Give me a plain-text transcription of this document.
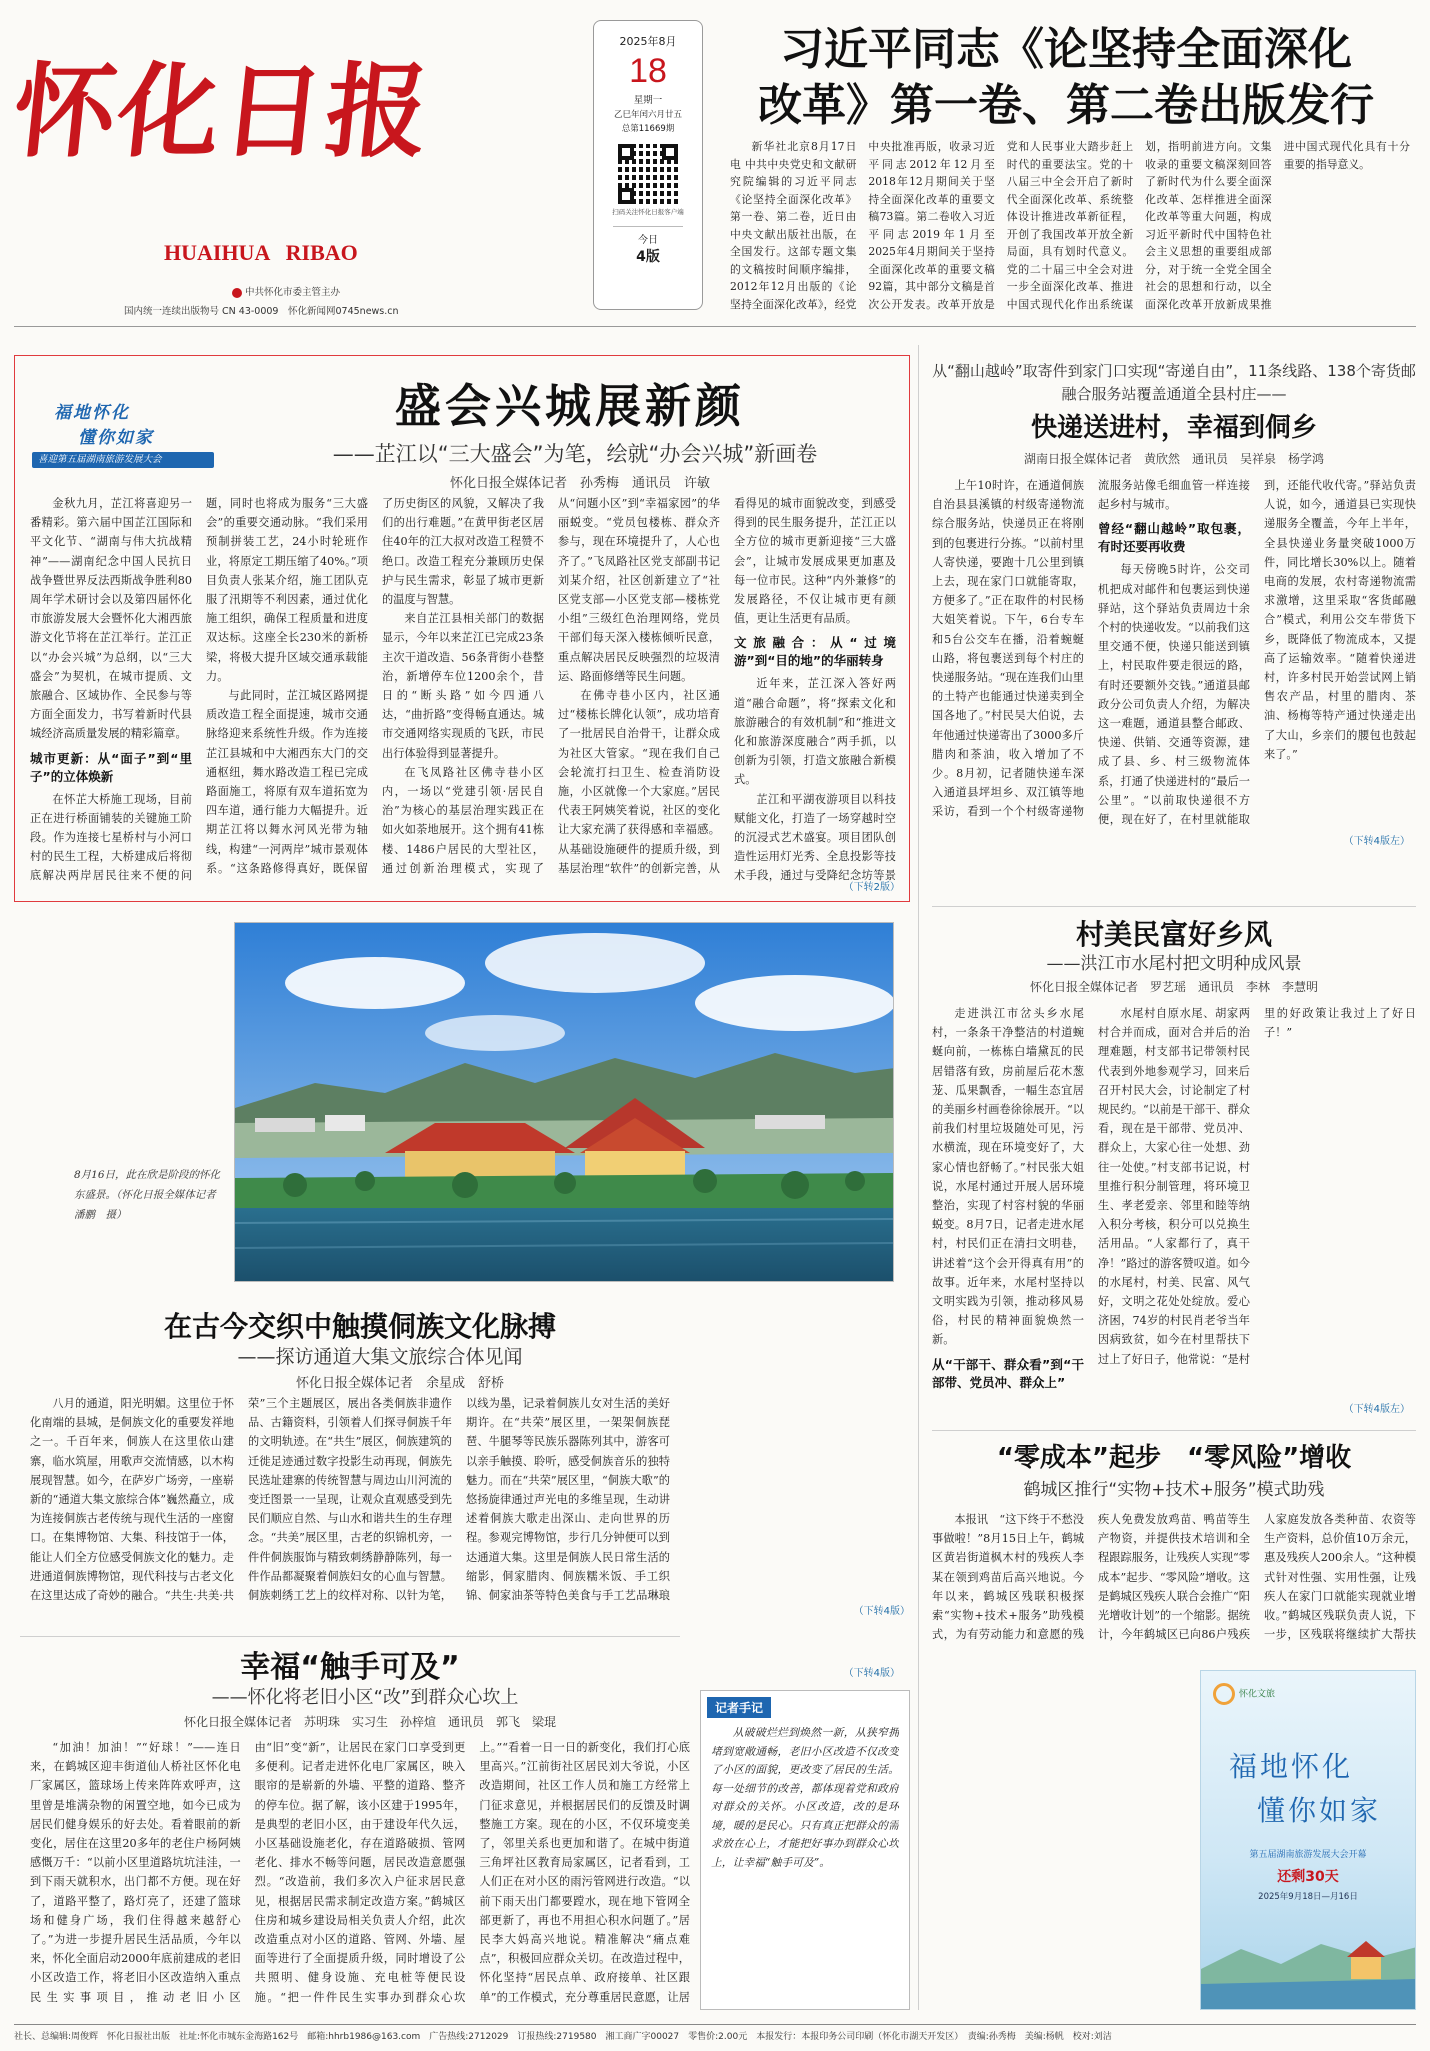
怀化日报
HUAIHUA   RIBAO
中共怀化市委主管主办
国内统一连续出版物号 CN 43-0009　 怀化新闻网0745news.cn
2025年8月
18
星期一
乙巳年闰六月廿五
总第11669期
扫码关注怀化日报客户端
今日
4版
习近平同志《论坚持全面深化
改革》第一卷、第二卷出版发行
新华社北京8月17日电 中共中央党史和文献研究院编辑的习近平同志《论坚持全面深化改革》第一卷、第二卷，近日由中央文献出版社出版，在全国发行。这部专题文集的文稿按时间顺序编排，2012年12月出版的《论坚持全面深化改革》，经党中央批准再版，收录习近平同志2012年12月至2018年12月期间关于坚持全面深化改革的重要文稿73篇。第二卷收入习近平同志2019年1月至2025年4月期间关于坚持全面深化改革的重要文稿92篇，其中部分文稿是首次公开发表。改革开放是党和人民事业大踏步赶上时代的重要法宝。党的十八届三中全会开启了新时代全面深化改革、系统整体设计推进改革新征程，开创了我国改革开放全新局面，具有划时代意义。党的二十届三中全会对进一步全面深化改革、推进中国式现代化作出系统谋划，指明前进方向。文集收录的重要文稿深刻回答了新时代为什么要全面深化改革、怎样推进全面深化改革等重大问题，构成习近平新时代中国特色社会主义思想的重要组成部分，对于统一全党全国全社会的思想和行动，以全面深化改革开放新成果推进中国式现代化具有十分重要的指导意义。
福地怀化
懂你如家
喜迎第五届湖南旅游发展大会
盛会兴城展新颜
——芷江以“三大盛会”为笔，绘就“办会兴城”新画卷
怀化日报全媒体记者　孙秀梅　通讯员　许敏

金秋九月，芷江将喜迎另一番精彩。第六届中国芷江国际和平文化节、“湖南与伟大抗战精神”——湖南纪念中国人民抗日战争暨世界反法西斯战争胜利80周年学术研讨会以及第四届怀化市旅游发展大会暨怀化大湘西旅游文化节将在芷江举行。芷江正以“办会兴城”为总纲，以“三大盛会”为契机，在城市提质、文旅融合、区域协作、全民参与等方面全面发力，书写着新时代县城经济高质量发展的精彩篇章。

城市更新：从“面子”到“里子”的立体焕新

在怀芷大桥施工现场，目前正在进行桥面铺装的关键施工阶段。作为连接七星桥村与小河口村的民生工程，大桥建成后将彻底解决两岸居民往来不便的问题，同时也将成为服务“三大盛会”的重要交通动脉。“我们采用预制拼装工艺，24小时轮班作业，将原定工期压缩了40%。”项目负责人张某介绍，施工团队克服了汛期等不利因素，通过优化施工组织，确保工程质量和进度双达标。这座全长230米的新桥梁，将极大提升区域交通承载能力。

与此同时，芷江城区路网提质改造工程全面提速，城市交通脉络迎来系统性升级。作为连接芷江县城和中大湘西东大门的交通枢纽，舞水路改造工程已完成路面施工，将原有双车道拓宽为四车道，通行能力大幅提升。近期芷江将以舞水河风光带为轴线，构建“一河两岸”城市景观体系。“这条路修得真好，既保留了历史街区的风貌，又解决了我们的出行难题。”在黄甲街老区居住40年的江大叔对改造工程赞不绝口。改造工程充分兼顾历史保护与民生需求，彰显了城市更新的温度与智慧。

来自芷江县相关部门的数据显示，今年以来芷江已完成23条主次干道改造、56条背街小巷整治，新增停车位1200余个，昔日的“断头路”如今四通八达，“曲折路”变得畅直通达。城市交通网络实现质的飞跃，市民出行体验得到显著提升。

在飞凤路社区佛寺巷小区内，一场以“党建引领·居民自治”为核心的基层治理实践正在如火如荼地展开。这个拥有41栋楼、1486户居民的大型社区，通过创新治理模式，实现了从“问题小区”到“幸福家园”的华丽蜕变。“党员包楼栋、群众齐参与，现在环境提升了，人心也齐了。”飞凤路社区党支部副书记刘某介绍，社区创新建立了“社区党支部—小区党支部—楼栋党小组”三级红色治理网络，党员干部们每天深入楼栋倾听民意，重点解决居民反映强烈的垃圾清运、路面修缮等民生问题。

在佛寺巷小区内，社区通过“楼栋长牌化认领”，成功培育了一批居民自治骨干，让群众成为社区大管家。“现在我们自己会轮流打扫卫生、检查消防设施，小区就像一个大家庭。”居民代表王阿姨笑着说，社区的变化让大家充满了获得感和幸福感。从基础设施硬件的提质升级，到基层治理“软件”的创新完善，从看得见的城市面貌改变，到感受得到的民生服务提升，芷江正以全方位的城市更新迎接“三大盛会”，让城市发展成果更加惠及每一位市民。这种“内外兼修”的发展路径，不仅让城市更有颜值，更让生活更有品质。

文旅融合：从“过境游”到“目的地”的华丽转身

近年来，芷江深入答好两道“融合命题”，将“探索文化和旅游融合的有效机制”和“推进文化和旅游深度融合”两手抓，以创新为引领，打造文旅融合新模式。

芷江和平湖夜游项目以科技赋能文化，打造了一场穿越时空的沉浸式艺术盛宴。项目团队创造性运用灯光秀、全息投影等技术手段，通过与受降纪念坊等景

（下转2版）
8月16日，此在欣是阶段的怀化东盛景。（怀化日报全媒体记者　潘鹏　摄）
在古今交织中触摸侗族文化脉搏
——探访通道大集文旅综合体见闻
怀化日报全媒体记者　余星成　舒桥
八月的通道，阳光明媚。这里位于怀化南端的县城，是侗族文化的重要发祥地之一。千百年来，侗族人在这里依山建寨，临水筑屋，用歌声交流情感，以木构展现智慧。如今，在萨岁广场旁，一座崭新的“通道大集文旅综合体”巍然矗立，成为连接侗族古老传统与现代生活的一座窗口。在集博物馆、大集、科技馆于一体，能让人们全方位感受侗族文化的魅力。走进通道侗族博物馆，现代科技与古老文化在这里达成了奇妙的融合。“共生·共美·共荣”三个主题展区，展出各类侗族非遗作品、古籍资料，引领着人们探寻侗族千年的文明轨迹。在“共生”展区，侗族建筑的迁徙足迹通过数字投影生动再现，侗族先民选址建寨的传统智慧与周边山川河流的变迁图景一一呈现，让观众直观感受到先民们顺应自然、与山水和谐共生的生存理念。“共美”展区里，古老的织锦机旁，一件件侗族服饰与精致刺绣静静陈列，每一件作品都凝聚着侗族妇女的心血与智慧。侗族刺绣工艺上的纹样对称、以针为笔，以线为墨，记录着侗族儿女对生活的美好期许。在“共荣”展区里，一架架侗族琵琶、牛腿琴等民族乐器陈列其中，游客可以亲手触摸、聆听，感受侗族音乐的独特魅力。而在“共荣”展区里，“侗族大歌”的悠扬旋律通过声光电的多维呈现，生动讲述着侗族大歌走出深山、走向世界的历程。参观完博物馆，步行几分钟便可以到达通道大集。这里是侗族人民日常生活的缩影，侗家腊肉、侗族糯米饭、手工织锦、侗家油茶等特色美食与手工艺品琳琅
（下转4版）
幸福“触手可及”
——怀化将老旧小区“改”到群众心坎上
怀化日报全媒体记者　苏明珠　实习生　孙梓煊　通讯员　郭飞　梁琨
“加油！加油！”“好球！”——连日来，在鹤城区迎丰街道仙人桥社区怀化电厂家属区，篮球场上传来阵阵欢呼声，这里曾是堆满杂物的闲置空地，如今已成为居民们健身娱乐的好去处。看着眼前的新变化，居住在这里20多年的老住户杨阿姨感慨万千：“以前小区里道路坑坑洼洼，一到下雨天就积水，出门都不方便。现在好了，道路平整了，路灯亮了，还建了篮球场和健身广场，我们住得越来越舒心了。”为进一步提升居民生活品质，今年以来，怀化全面启动2000年底前建成的老旧小区改造工作，将老旧小区改造纳入重点民生实事项目，推动老旧小区由“旧”变“新”，让居民在家门口享受到更多便利。记者走进怀化电厂家属区，映入眼帘的是崭新的外墙、平整的道路、整齐的停车位。据了解，该小区建于1995年，是典型的老旧小区，由于建设年代久远，小区基础设施老化，存在道路破损、管网老化、排水不畅等问题，居民改造意愿强烈。“改造前，我们多次入户征求居民意见，根据居民需求制定改造方案。”鹤城区住房和城乡建设局相关负责人介绍，此次改造重点对小区的道路、管网、外墙、屋面等进行了全面提质升级，同时增设了公共照明、健身设施、充电桩等便民设施。“把一件件民生实事办到群众心坎上。”“看着一日一日的新变化，我们打心底里高兴。”江前街社区居民刘大爷说，小区改造期间，社区工作人员和施工方经常上门征求意见，并根据居民们的反馈及时调整施工方案。现在的小区，不仅环境变美了，邻里关系也更加和谐了。在城中街道三角坪社区教育局家属区，记者看到，工人们正在对小区的雨污管网进行改造。“以前下雨天出门都要蹚水，现在地下管网全部更新了，再也不用担心积水问题了。”居民李大妈高兴地说。精准解决“痛点难点”，积极回应群众关切。在改造过程中，怀化坚持“居民点单、政府接单、社区跟单”的工作模式，充分尊重居民意愿，让居
（下转4版）
记者手记
从破破烂烂到焕然一新，从狭窄拥堵到宽敞通畅，老旧小区改造不仅改变了小区的面貌，更改变了居民的生活。每一处细节的改善，都体现着党和政府对群众的关怀。小区改造，改的是环境，暖的是民心。只有真正把群众的需求放在心上，才能把好事办到群众心坎上，让幸福“触手可及”。
从“翻山越岭”取寄件到家门口实现“寄递自由”，11条线路、138个寄货邮融合服务站覆盖通道全县村庄——
快递送进村，幸福到侗乡
湖南日报全媒体记者　黄欣然　通讯员　吴祥泉　杨学鸿

上午10时许，在通道侗族自治县县溪镇的村级寄递物流综合服务站，快递员正在将刚到的包裹进行分拣。“以前村里人寄快递，要跑十几公里到镇上去，现在家门口就能寄取，方便多了。”正在取件的村民杨大姐笑着说。下午，6台专车和5台公交车在播，沿着蜿蜒山路，将包裹送到每个村庄的快递服务站。“现在连我们山里的土特产也能通过快递卖到全国各地了。”村民吴大伯说，去年他通过快递寄出了3000多斤腊肉和茶油，收入增加了不少。8月初，记者随快递车深入通道县坪坦乡、双江镇等地采访，看到一个个村级寄递物流服务站像毛细血管一样连接起乡村与城市。

曾经“翻山越岭”取包裹，有时还要再收费

每天傍晚5时许，公交司机把成对邮件和包裹运到快递驿站，这个驿站负责周边十余个村的快递收发。“以前我们这里交通不便，快递只能送到镇上，村民取件要走很远的路，有时还要额外交钱。”通道县邮政分公司负责人介绍，为解决这一难题，通道县整合邮政、快递、供销、交通等资源，建成了县、乡、村三级物流体系，打通了快递进村的“最后一公里”。“以前取快递很不方便，现在好了，在村里就能取到，还能代收代寄。”驿站负责人说，如今，通道县已实现快递服务全覆盖，今年上半年，全县快递业务量突破1000万件，同比增长30%以上。随着电商的发展，农村寄递物流需求激增，这里采取“客货邮融合”模式，利用公交车带货下乡，既降低了物流成本，又提高了运输效率。“随着快递进村，许多村民开始尝试网上销售农产品，村里的腊肉、茶油、杨梅等特产通过快递走出了大山，乡亲们的腰包也鼓起来了。”

（下转4版左）
村美民富好乡风
——洪江市水尾村把文明种成风景
怀化日报全媒体记者　罗艺瑶　通讯员　李林　李慧明

走进洪江市岔头乡水尾村，一条条干净整洁的村道蜿蜒向前，一栋栋白墙黛瓦的民居错落有致，房前屋后花木葱茏、瓜果飘香，一幅生态宜居的美丽乡村画卷徐徐展开。“以前我们村里垃圾随处可见，污水横流，现在环境变好了，大家心情也舒畅了。”村民张大姐说，水尾村通过开展人居环境整治，实现了村容村貌的华丽蜕变。8月7日，记者走进水尾村，村民们正在清扫文明巷，讲述着“这个会开得真有用”的故事。近年来，水尾村坚持以文明实践为引领，推动移风易俗，村民的精神面貌焕然一新。

从“干部干、群众看”到“干部带、党员冲、群众上”

水尾村自原水尾、胡家两村合并而成，面对合并后的治理难题，村支部书记带领村民代表到外地参观学习，回来后召开村民大会，讨论制定了村规民约。“以前是干部干、群众看，现在是干部带、党员冲、群众上，大家心往一处想、劲往一处使。”村支部书记说，村里推行积分制管理，将环境卫生、孝老爱亲、邻里和睦等纳入积分考核，积分可以兑换生活用品。“人家都行了，真干净！”路过的游客赞叹道。如今的水尾村，村美、民富、风气好，文明之花处处绽放。爱心济困，74岁的村民肖老爷当年因病致贫，如今在村里帮扶下过上了好日子，他常说：“是村里的好政策让我过上了好日子！”

（下转4版左）
“零成本”起步　“零风险”增收
鹤城区推行“实物+技术+服务”模式助残
本报讯　“这下终于不愁没事做啦！”8月15日上午，鹤城区黄岩街道枫木村的残疾人李某在领到鸡苗后高兴地说。今年以来，鹤城区残联积极探索“实物+技术+服务”助残模式，为有劳动能力和意愿的残疾人免费发放鸡苗、鸭苗等生产物资，并提供技术培训和全程跟踪服务，让残疾人实现“零成本”起步、“零风险”增收。这是鹤城区残疾人联合会推广“阳光增收计划”的一个缩影。据统计，今年鹤城区已向86户残疾人家庭发放各类种苗、农资等生产资料，总价值10万余元，惠及残疾人200余人。“这种模式针对性强、实用性强，让残疾人在家门口就能实现就业增收。”鹤城区残联负责人说，下一步，区残联将继续扩大帮扶　　
怀化文旅
福地怀化
懂你如家
第五届湖南旅游发展大会开幕
还剩30天
2025年9月18日—月16日
社长、总编辑:周俊辉　怀化日报社出版　社址:怀化市城东金海路162号　邮箱:hhrb1986@163.com　广告热线:2712029　订报热线:2719580　湘工商广字00027　零售价:2.00元　本报发行：本报印务公司印刷（怀化市湖天开发区）　责编:孙秀梅　美编:杨帆　校对:刘洁
